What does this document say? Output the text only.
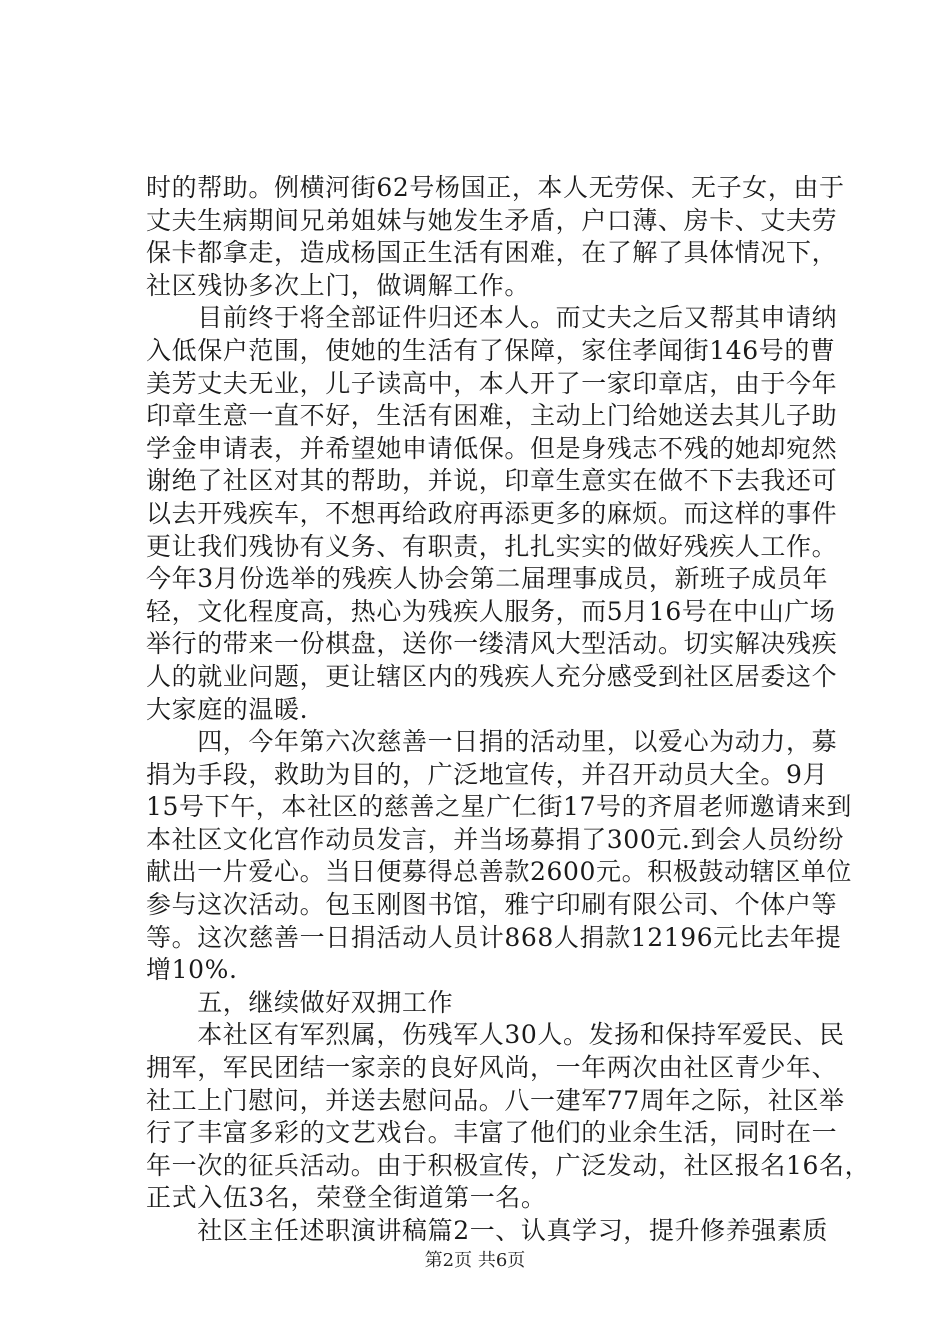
时的帮助。例横河街62号杨国正，本人无劳保、无子女，由于
丈夫生病期间兄弟姐妹与她发生矛盾，户口薄、房卡、丈夫劳
保卡都拿走，造成杨国正生活有困难，在了解了具体情况下，
社区残协多次上门，做调解工作。
　　目前终于将全部证件归还本人。而丈夫之后又帮其申请纳
入低保户范围，使她的生活有了保障，家住孝闻街146号的曹
美芳丈夫无业，儿子读高中，本人开了一家印章店，由于今年
印章生意一直不好，生活有困难，主动上门给她送去其儿子助
学金申请表，并希望她申请低保。但是身残志不残的她却宛然
谢绝了社区对其的帮助，并说，印章生意实在做不下去我还可
以去开残疾车，不想再给政府再添更多的麻烦。而这样的事件
更让我们残协有义务、有职责，扎扎实实的做好残疾人工作。
今年3月份选举的残疾人协会第二届理事成员，新班子成员年
轻，文化程度高，热心为残疾人服务，而5月16号在中山广场
举行的带来一份棋盘，送你一缕清风大型活动。切实解决残疾
人的就业问题，更让辖区内的残疾人充分感受到社区居委这个
大家庭的温暖.
　　四，今年第六次慈善一日捐的活动里，以爱心为动力，募
捐为手段，救助为目的，广泛地宣传，并召开动员大全。9月
15号下午，本社区的慈善之星广仁街17号的齐眉老师邀请来到
本社区文化宫作动员发言，并当场募捐了300元.到会人员纷纷
献出一片爱心。当日便募得总善款2600元。积极鼓动辖区单位
参与这次活动。包玉刚图书馆，雅宁印刷有限公司、个体户等
等。这次慈善一日捐活动人员计868人捐款12196元比去年提
增10%.
　　五，继续做好双拥工作
　　本社区有军烈属，伤残军人30人。发扬和保持军爱民、民
拥军，军民团结一家亲的良好风尚，一年两次由社区青少年、
社工上门慰问，并送去慰问品。八一建军77周年之际，社区举
行了丰富多彩的文艺戏台。丰富了他们的业余生活，同时在一
年一次的征兵活动。由于积极宣传，广泛发动，社区报名16名，
正式入伍3名，荣登全街道第一名。
　　社区主任述职演讲稿篇2一、认真学习，提升修养强素质
第2页 共6页
